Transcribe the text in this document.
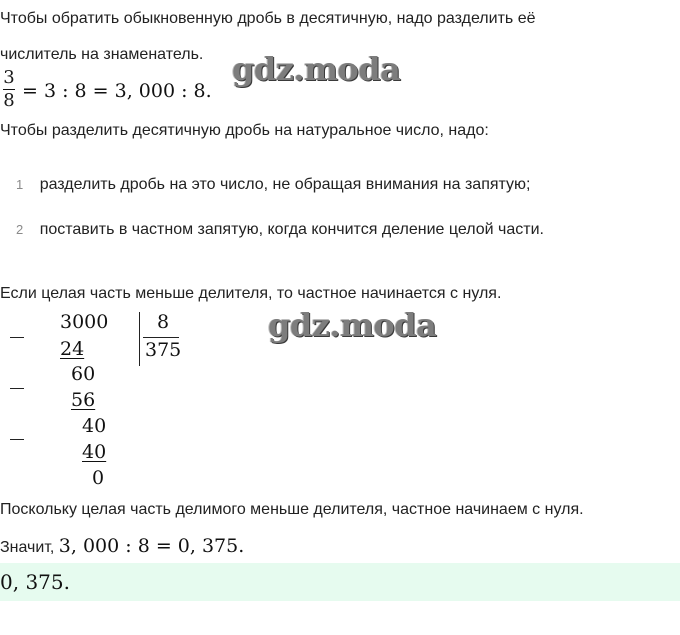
Чтобы обратить обыкновенную дробь в десятичную, надо разделить её
числитель на знаменатель.
3
8 = 3 : 8 = 3, 000 : 8.
gdz.moda
Чтобы разделить десятичную дробь на натуральное число, надо:
1 разделить дробь на это число, не обращая внимания на запятую;
2 поставить в частном запятую, когда кончится деление целой части.
Если целая часть меньше делителя, то частное начинается с нуля.
3000
24
60
56
40
40
0
8
375
gdz.moda
Поскольку целая часть делимого меньше делителя, частное начинаем с нуля.
Значит, 3, 000 : 8 = 0, 375.
0, 375.
